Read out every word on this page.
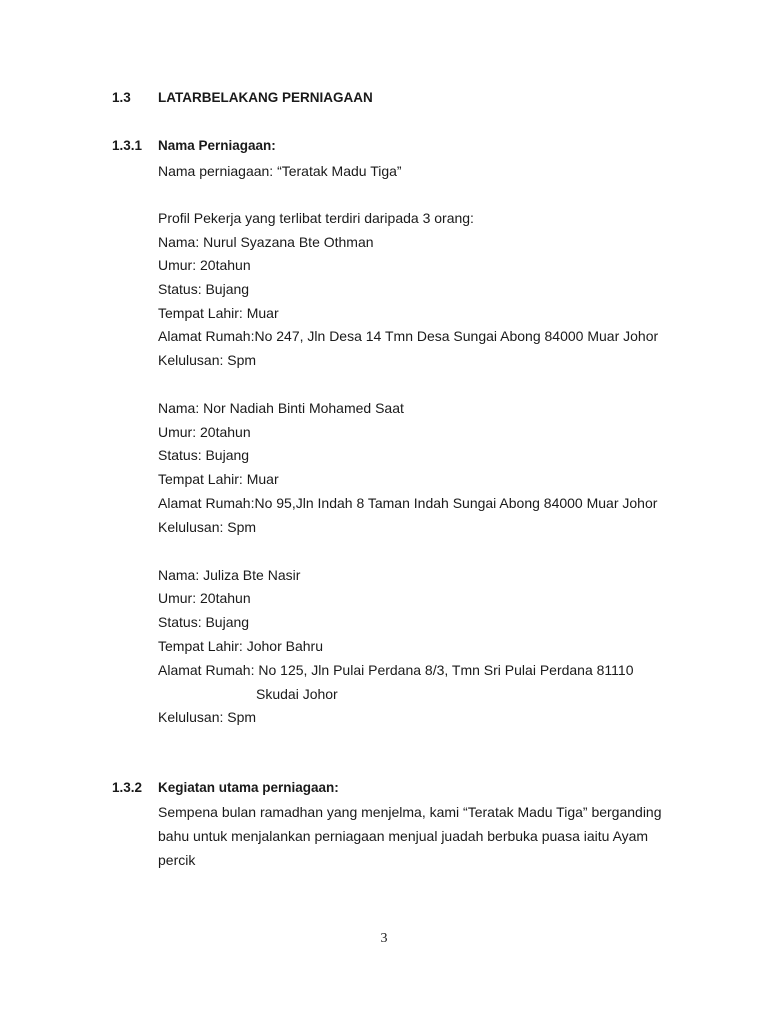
1.3 LATARBELAKANG PERNIAGAAN
1.3.1 Nama Perniagaan:
Nama perniagaan: “Teratak Madu Tiga”
Profil Pekerja yang terlibat terdiri daripada 3 orang:
Nama: Nurul Syazana Bte Othman
Umur: 20tahun
Status: Bujang
Tempat Lahir: Muar
Alamat Rumah:No 247, Jln Desa 14 Tmn Desa Sungai Abong 84000 Muar Johor
Kelulusan: Spm
Nama: Nor Nadiah Binti Mohamed Saat
Umur: 20tahun
Status: Bujang
Tempat Lahir: Muar
Alamat Rumah:No 95,Jln Indah 8 Taman Indah Sungai Abong 84000 Muar Johor
Kelulusan: Spm
Nama: Juliza Bte Nasir
Umur: 20tahun
Status: Bujang
Tempat Lahir: Johor Bahru
Alamat Rumah: No 125, Jln Pulai Perdana 8/3, Tmn Sri Pulai Perdana 81110
Skudai Johor
Kelulusan: Spm
1.3.2 Kegiatan utama perniagaan:
Sempena bulan ramadhan yang menjelma, kami “Teratak Madu Tiga” berganding
bahu untuk menjalankan perniagaan menjual juadah berbuka puasa iaitu Ayam
percik
3
